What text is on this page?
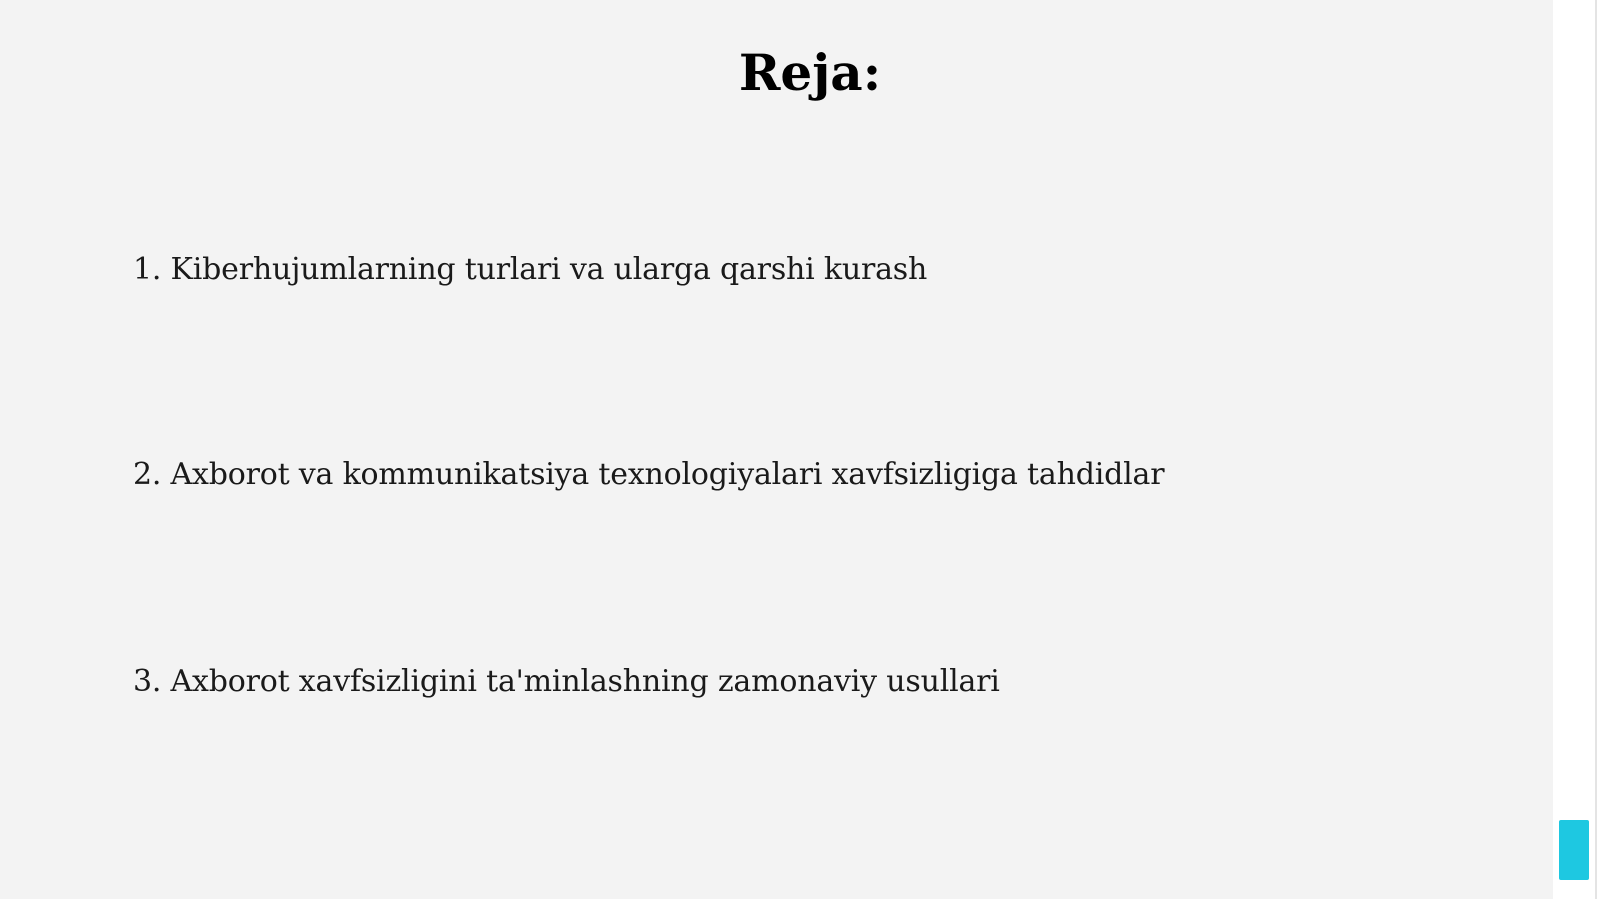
Reja:
1. Kiberhujumlarning turlari va ularga qarshi kurash
2. Axborot va kommunikatsiya texnologiyalari xavfsizligiga tahdidlar
3. Axborot xavfsizligini ta'minlashning zamonaviy usullari
